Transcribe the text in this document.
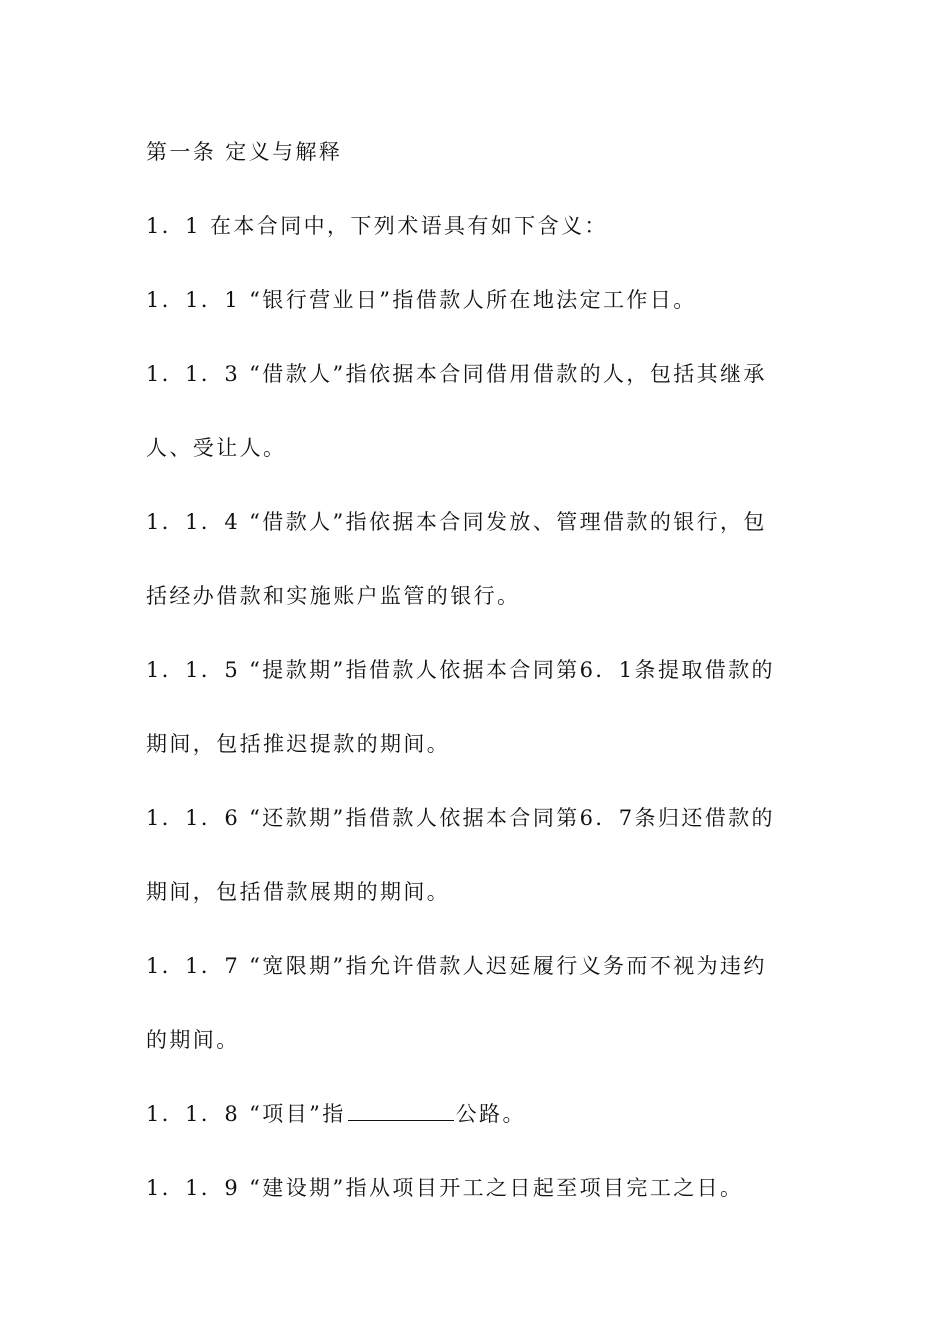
第一条 定义与解释
1．1 在本合同中，下列术语具有如下含义：
1．1．1 “银行营业日”指借款人所在地法定工作日。
1．1．3 “借款人”指依据本合同借用借款的人，包括其继承
人、受让人。
1．1．4 “借款人”指依据本合同发放、管理借款的银行，包
括经办借款和实施账户监管的银行。
1．1．5 “提款期”指借款人依据本合同第6．1条提取借款的
期间，包括推迟提款的期间。
1．1．6 “还款期”指借款人依据本合同第6．7条归还借款的
期间，包括借款展期的期间。
1．1．7 “宽限期”指允许借款人迟延履行义务而不视为违约
的期间。
1．1．8 “项目”指	公路。
1．1．9 “建设期”指从项目开工之日起至项目完工之日。
